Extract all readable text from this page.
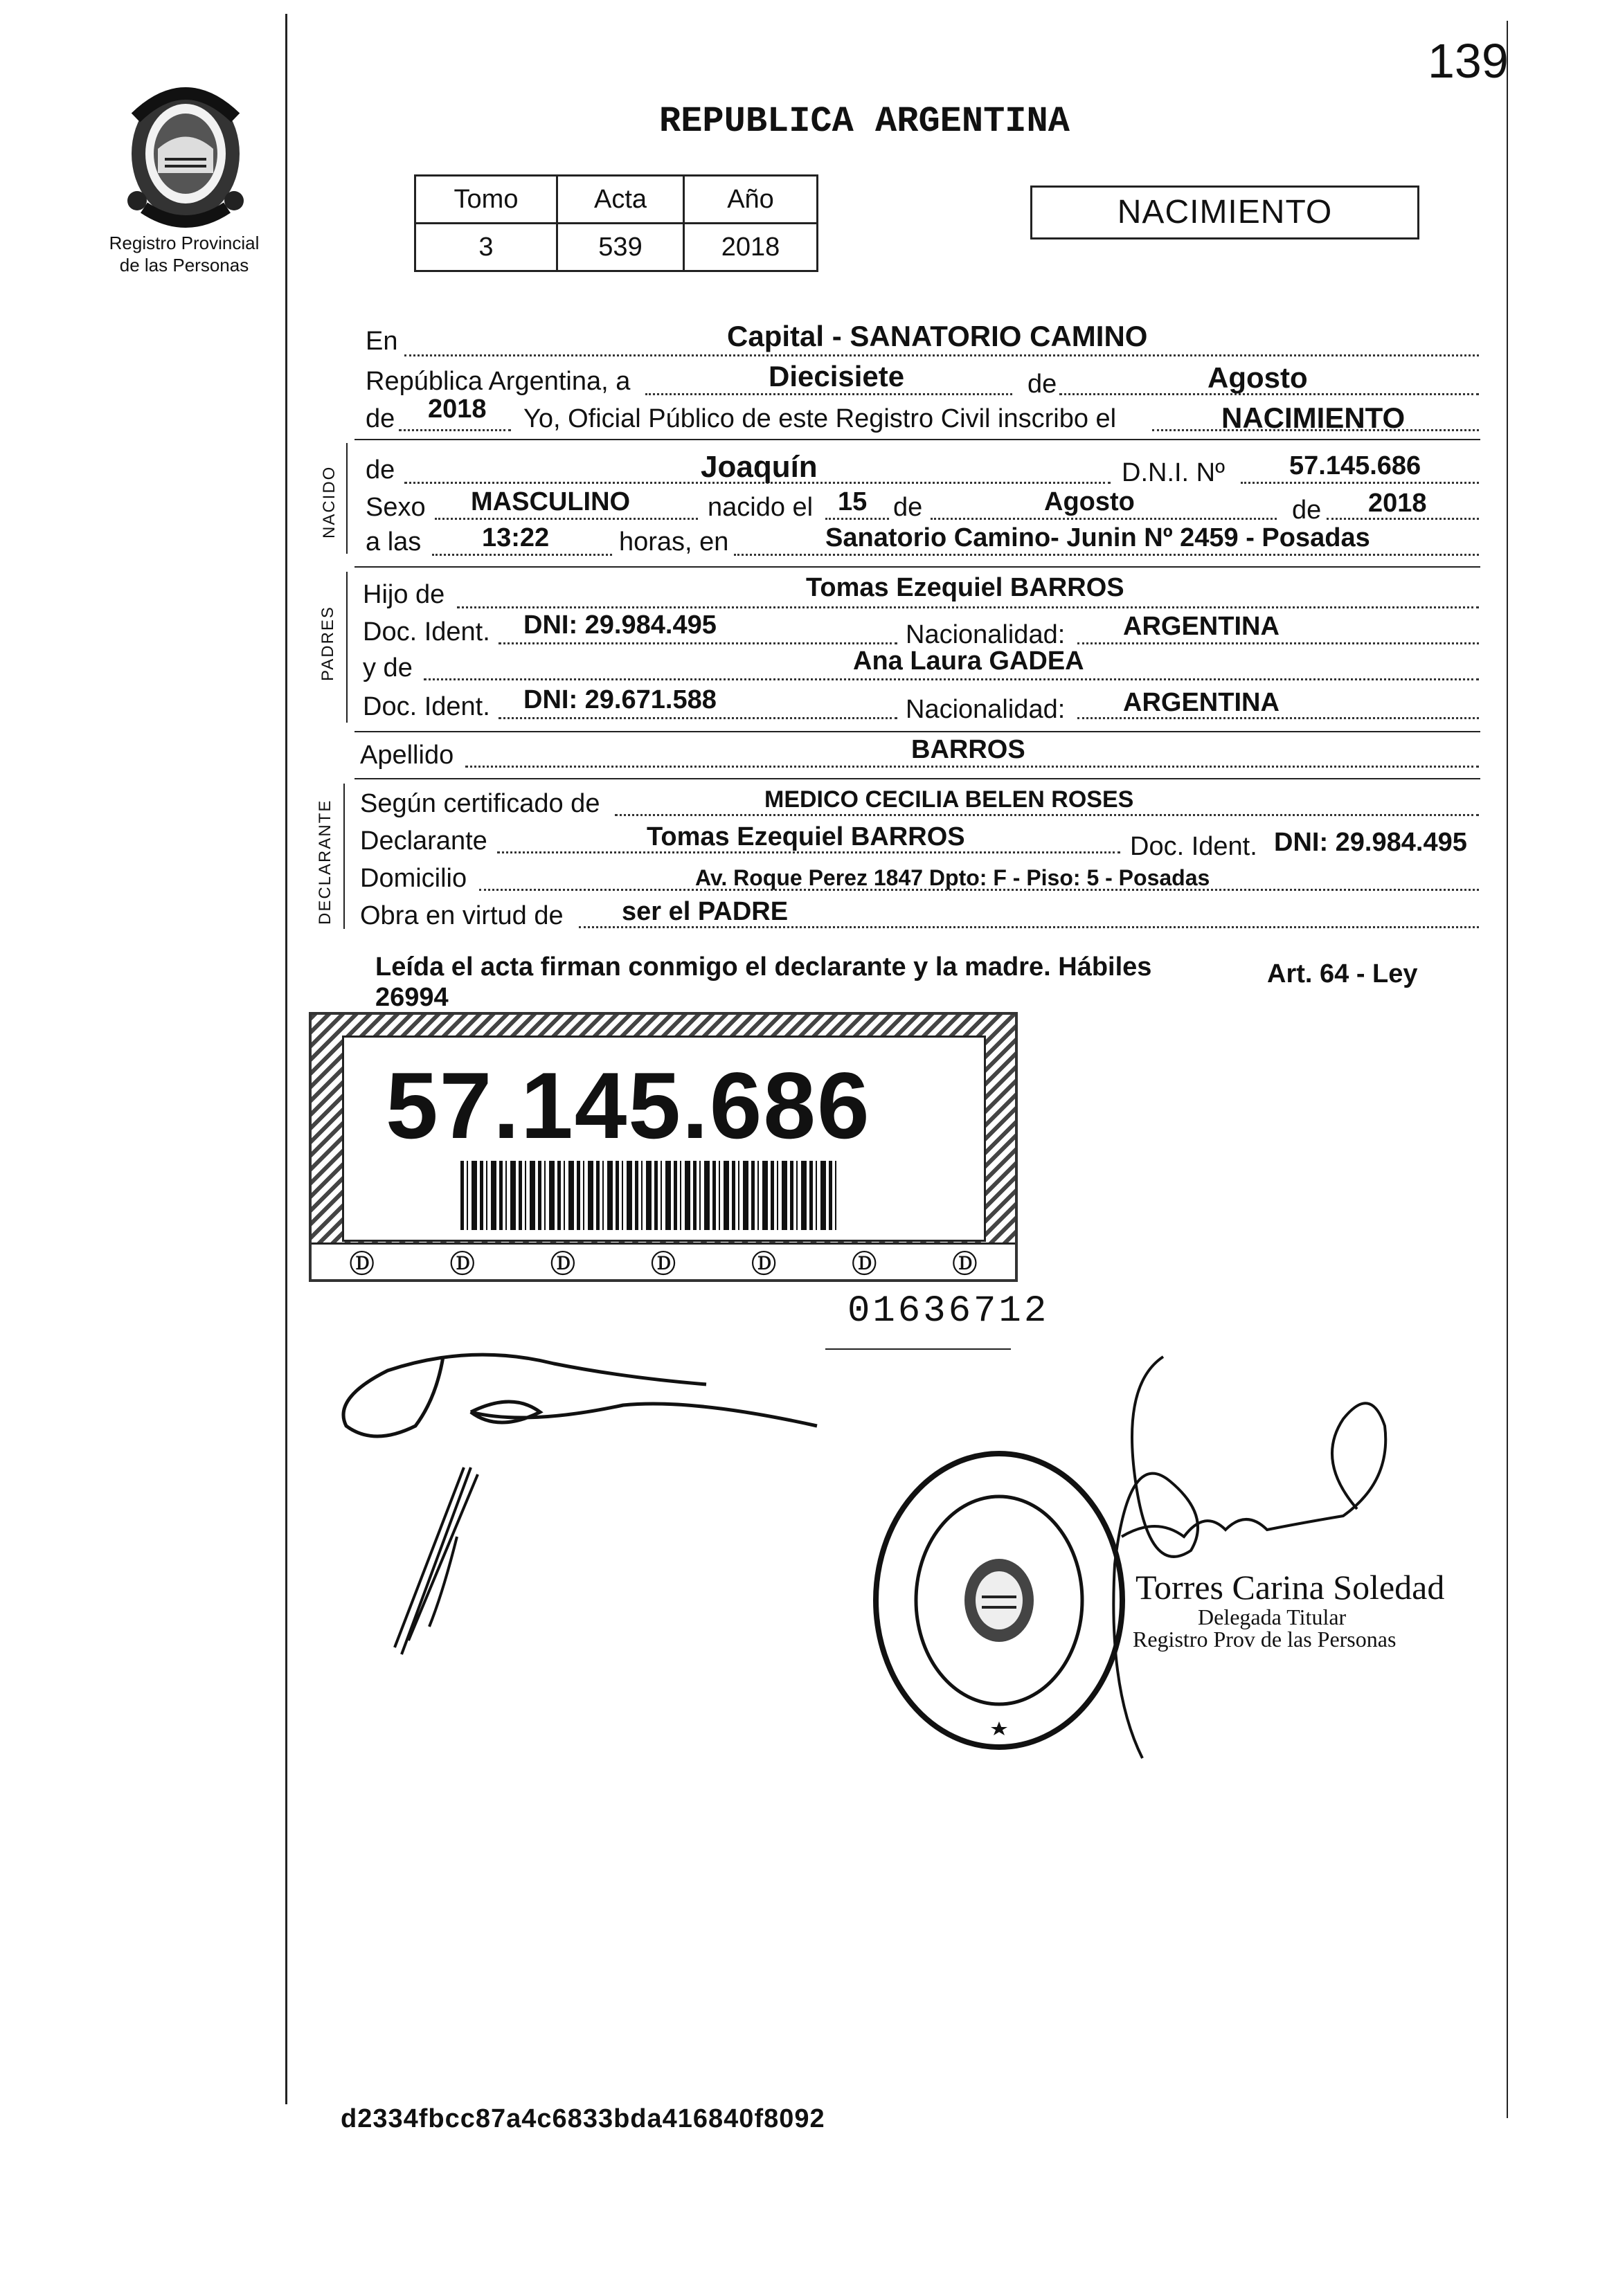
139
Registro Provincial
de las Personas
REPUBLICA ARGENTINA
Tomo	Acta	Año
3	539	2018
NACIMIENTO
En	Capital - SANATORIO CAMINO
República Argentina, a	Diecisiete	de	Agosto
de 2018 Yo, Oficial Público de este Registro Civil inscribo el	NACIMIENTO
NACIDO de	Joaquín	D.N.I. Nº 57.145.686
Sexo MASCULINO	nacido el 15 de	Agosto	de 2018
a las 13:22	horas, en	Sanatorio Camino- Junin Nº 2459 - Posadas
PADRES
Hijo de	Tomas Ezequiel BARROS
Doc. Ident. DNI: 29.984.495	Nacionalidad: ARGENTINA
y de	Ana Laura GADEA
Doc. Ident. DNI: 29.671.588	Nacionalidad: ARGENTINA
Apellido	BARROS
DECLARANTE Según certificado de	MEDICO CECILIA BELEN ROSES
Declarante	Tomas Ezequiel BARROS	Doc. Ident. DNI: 29.984.495
Domicilio	Av. Roque Perez 1847 Dpto: F - Piso: 5 - Posadas
Obra en virtud de ser el PADRE
Leída el acta firman conmigo el declarante y la madre. Hábiles	Art. 64 - Ley
26994
57.145.686
Ⓓ	Ⓓ	Ⓓ	Ⓓ	Ⓓ	Ⓓ	Ⓓ
01636712
Torres Carina Soledad
Delegada Titular
Registro Prov de las Personas
d2334fbcc87a4c6833bda416840f8092
